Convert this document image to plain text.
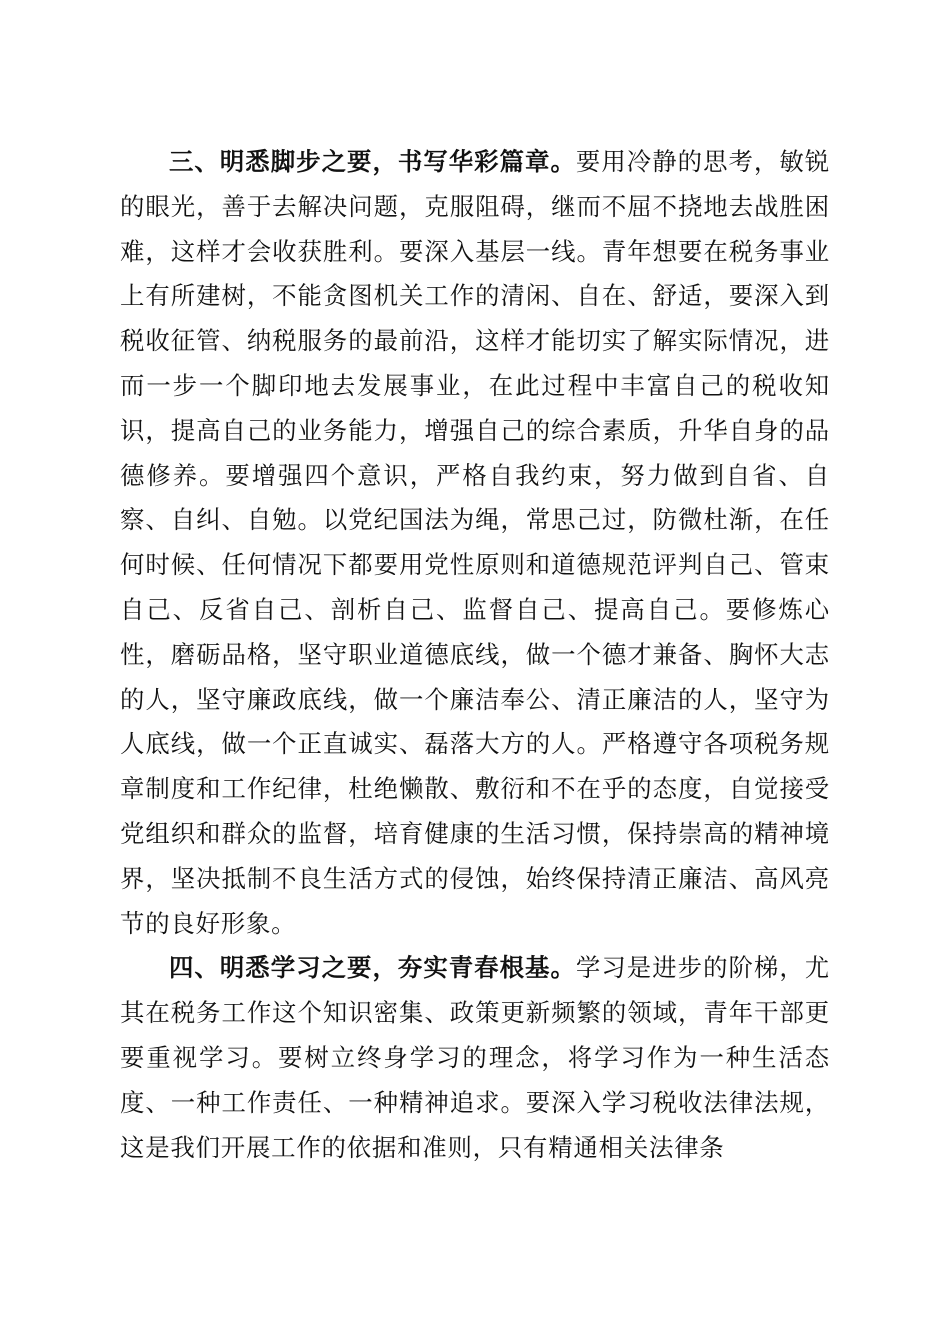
三、明悉脚步之要，书写华彩篇章。要用冷静的思考，敏锐的眼光，善于去解决问题，克服阻碍，继而不屈不挠地去战胜困难，这样才会收获胜利。要深入基层一线。青年想要在税务事业上有所建树，不能贪图机关工作的清闲、自在、舒适，要深入到税收征管、纳税服务的最前沿，这样才能切实了解实际情况，进而一步一个脚印地去发展事业，在此过程中丰富自己的税收知识，提高自己的业务能力，增强自己的综合素质，升华自身的品德修养。要增强四个意识，严格自我约束，努力做到自省、自察、自纠、自勉。以党纪国法为绳，常思己过，防微杜渐，在任何时候、任何情况下都要用党性原则和道德规范评判自己、管束自己、反省自己、剖析自己、监督自己、提高自己。要修炼心性，磨砺品格，坚守职业道德底线，做一个德才兼备、胸怀大志的人，坚守廉政底线，做一个廉洁奉公、清正廉洁的人，坚守为人底线，做一个正直诚实、磊落大方的人。严格遵守各项税务规章制度和工作纪律，杜绝懒散、敷衍和不在乎的态度，自觉接受党组织和群众的监督，培育健康的生活习惯，保持崇高的精神境界，坚决抵制不良生活方式的侵蚀，始终保持清正廉洁、高风亮节的良好形象。

四、明悉学习之要，夯实青春根基。学习是进步的阶梯，尤其在税务工作这个知识密集、政策更新频繁的领域，青年干部更要重视学习。要树立终身学习的理念，将学习作为一种生活态度、一种工作责任、一种精神追求。要深入学习税收法律法规，这是我们开展工作的依据和准则，只有精通相关法律条
